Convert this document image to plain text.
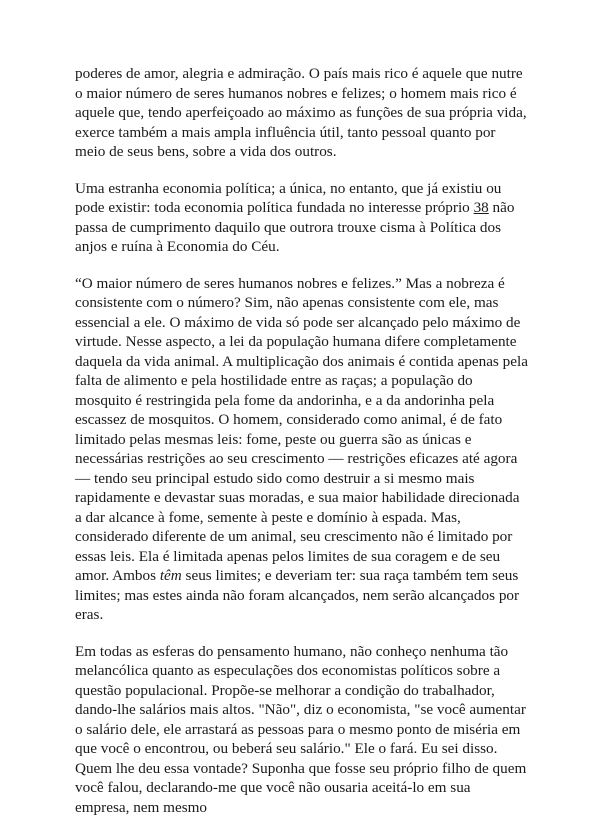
poderes de amor, alegria e admiração. O país mais rico é aquele que nutre o maior número de seres humanos nobres e felizes; o homem mais rico é aquele que, tendo aperfeiçoado ao máximo as funções de sua própria vida, exerce também a mais ampla influência útil, tanto pessoal quanto por meio de seus bens, sobre a vida dos outros.

Uma estranha economia política; a única, no entanto, que já existiu ou pode existir: toda economia política fundada no interesse próprio 38 não passa de cumprimento daquilo que outrora trouxe cisma à Política dos anjos e ruína à Economia do Céu.

“O maior número de seres humanos nobres e felizes.” Mas a nobreza é consistente com o número? Sim, não apenas consistente com ele, mas essencial a ele. O máximo de vida só pode ser alcançado pelo máximo de virtude. Nesse aspecto, a lei da população humana difere completamente daquela da vida animal. A multiplicação dos animais é contida apenas pela falta de alimento e pela hostilidade entre as raças; a população do mosquito é restringida pela fome da andorinha, e a da andorinha pela escassez de mosquitos. O homem, considerado como animal, é de fato limitado pelas mesmas leis: fome, peste ou guerra são as únicas e necessárias restrições ao seu crescimento — restrições eficazes até agora — tendo seu principal estudo sido como destruir a si mesmo mais rapidamente e devastar suas moradas, e sua maior habilidade direcionada a dar alcance à fome, semente à peste e domínio à espada. Mas, considerado diferente de um animal, seu crescimento não é limitado por essas leis. Ela é limitada apenas pelos limites de sua coragem e de seu amor. Ambos têm seus limites; e deveriam ter: sua raça também tem seus limites; mas estes ainda não foram alcançados, nem serão alcançados por eras.

Em todas as esferas do pensamento humano, não conheço nenhuma tão melancólica quanto as especulações dos economistas políticos sobre a questão populacional. Propõe-se melhorar a condição do trabalhador, dando-lhe salários mais altos. "Não", diz o economista, "se você aumentar o salário dele, ele arrastará as pessoas para o mesmo ponto de miséria em que você o encontrou, ou beberá seu salário." Ele o fará. Eu sei disso. Quem lhe deu essa vontade? Suponha que fosse seu próprio filho de quem você falou, declarando-me que você não ousaria aceitá-lo em sua empresa, nem mesmo
